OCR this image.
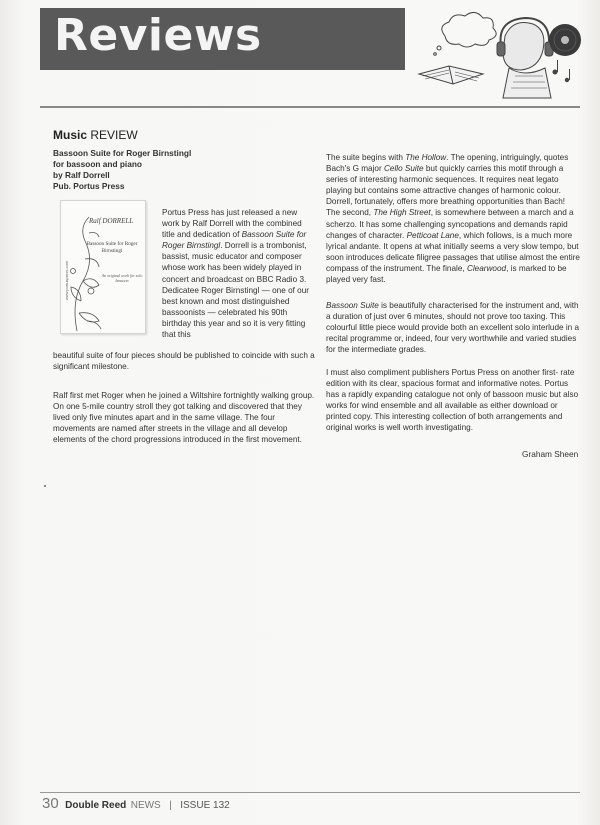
Reviews
Music REVIEW
Bassoon Suite for Roger Birnstingl
for bassoon and piano
by Ralf Dorrell
Pub. Portus Press
Ralf DORRELL
Bassoon Suite for Roger Birnstingl
An original work for solo bassoon
www.portuspress.com
Portus Press has just released a new work by Ralf Dorrell with the combined title and dedication of Bassoon Suite for Roger Birnstingl. Dorrell is a trombonist, bassist, music educator and composer whose work has been widely played in concert and broadcast on BBC Radio 3. Dedicatee Roger Birnstingl — one of our best known and most distinguished bassoonists — celebrated his 90th birthday this year and so it is very fitting that this
beautiful suite of four pieces should be published to coincide with such a significant milestone.
Ralf first met Roger when he joined a Wiltshire fortnightly walking group. On one 5-mile country stroll they got talking and discovered that they lived only five minutes apart and in the same village. The four movements are named after streets in the village and all develop elements of the chord progressions introduced in the first movement.
The suite begins with The Hollow. The opening, intriguingly, quotes Bach's G major Cello Suite but quickly carries this motif through a series of interesting harmonic sequences. It requires neat legato playing but contains some attractive changes of harmonic colour. Dorrell, fortunately, offers more breathing opportunities than Bach! The second, The High Street, is somewhere between a march and a scherzo. It has some challenging syncopations and demands rapid changes of character. Petticoat Lane, which follows, is a much more lyrical andante. It opens at what initially seems a very slow tempo, but soon introduces delicate filigree passages that utilise almost the entire compass of the instrument. The finale, Clearwood, is marked to be played very fast.
Bassoon Suite is beautifully characterised for the instrument and, with a duration of just over 6 minutes, should not prove too taxing. This colourful little piece would provide both an excellent solo interlude in a recital programme or, indeed, four very worthwhile and varied studies for the intermediate grades.
I must also compliment publishers Portus Press on another first- rate edition with its clear, spacious format and informative notes. Portus has a rapidly expanding catalogue not only of bassoon music but also works for wind ensemble and all available as either download or printed copy. This interesting collection of both arrangements and original works is well worth investigating.
Graham Sheen
30 Double Reed NEWS | ISSUE 132
